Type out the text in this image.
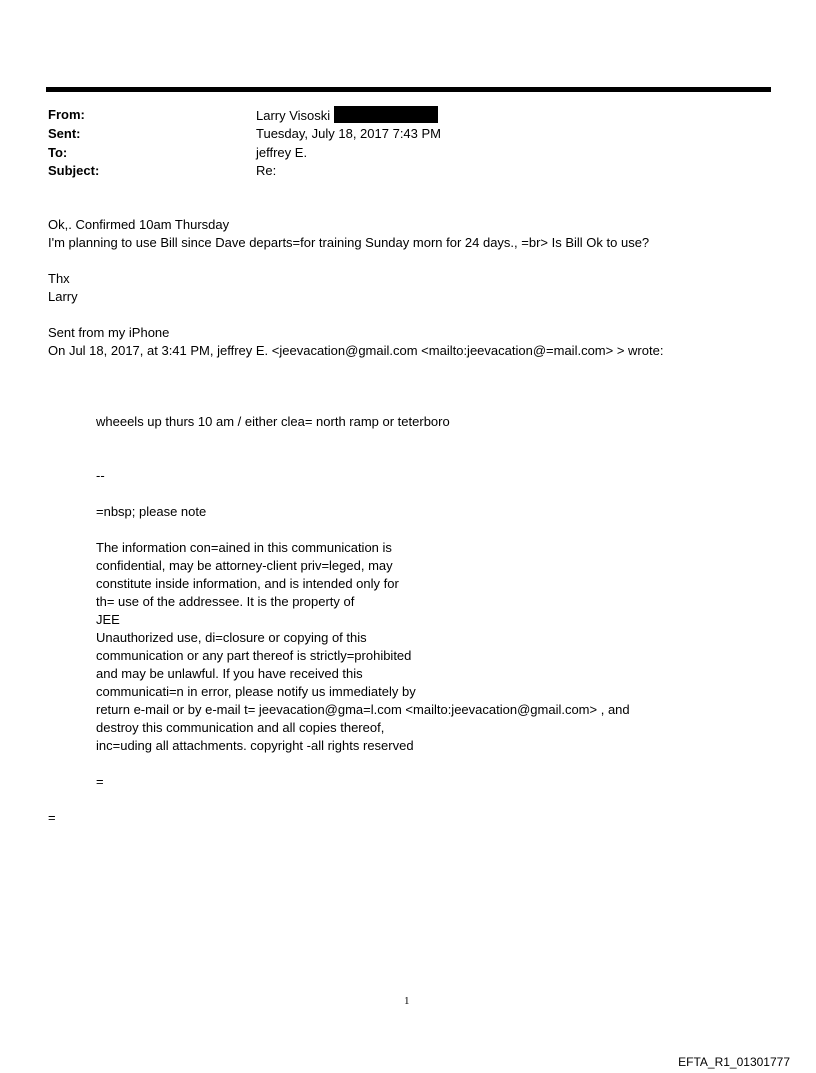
From:	Larry Visoski
Sent:	Tuesday, July 18, 2017 7:43 PM
To:	jeffrey E.
Subject:	Re:
Ok,. Confirmed 10am Thursday
I'm planning to use Bill since Dave departs=for training Sunday morn for 24 days., =br> Is Bill Ok to use?
Thx
Larry
Sent from my iPhone
On Jul 18, 2017, at 3:41 PM, jeffrey E. <jeevacation@gmail.com <mailto:jeevacation@=mail.com> > wrote:
wheeels up thurs 10 am / either clea= north ramp or teterboro
--
=nbsp; please note
The information con=ained in this communication is
confidential, may be attorney-client priv=leged, may
constitute inside information, and is intended only for
th= use of the addressee. It is the property of
JEE
Unauthorized use, di=closure or copying of this
communication or any part thereof is strictly=prohibited
and may be unlawful. If you have received this
communicati=n in error, please notify us immediately by
return e-mail or by e-mail t= jeevacation@gma=l.com <mailto:jeevacation@gmail.com> , and
destroy this communication and all copies thereof,
inc=uding all attachments. copyright -all rights reserved
=
=
1
EFTA_R1_01301777
